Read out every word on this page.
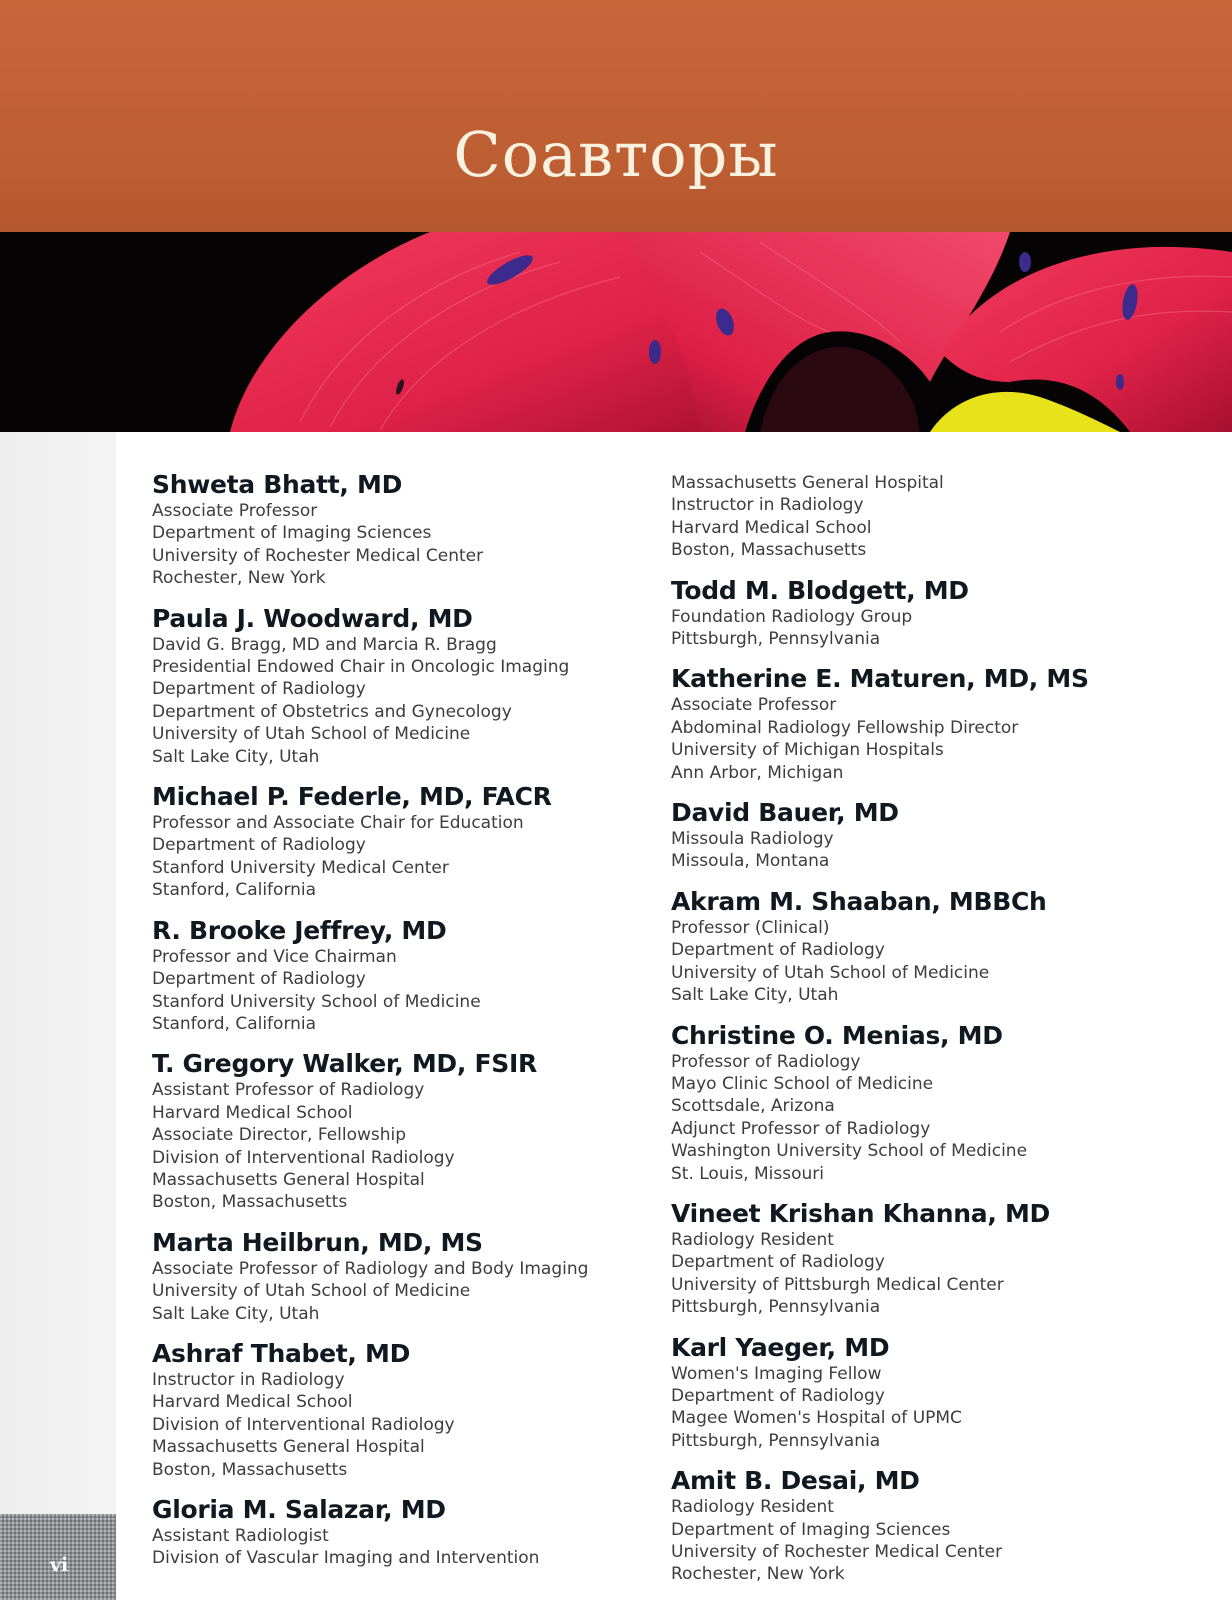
Соавторы

vi

Shweta Bhatt, MD

Associate Professor

Department of Imaging Sciences

University of Rochester Medical Center

Rochester, New York

Paula J. Woodward, MD

David G. Bragg, MD and Marcia R. Bragg

Presidential Endowed Chair in Oncologic Imaging

Department of Radiology

Department of Obstetrics and Gynecology

University of Utah School of Medicine

Salt Lake City, Utah

Michael P. Federle, MD, FACR

Professor and Associate Chair for Education

Department of Radiology

Stanford University Medical Center

Stanford, California

R. Brooke Jeffrey, MD

Professor and Vice Chairman

Department of Radiology

Stanford University School of Medicine

Stanford, California

T. Gregory Walker, MD, FSIR

Assistant Professor of Radiology

Harvard Medical School

Associate Director, Fellowship

Division of Interventional Radiology

Massachusetts General Hospital

Boston, Massachusetts

Marta Heilbrun, MD, MS

Associate Professor of Radiology and Body Imaging

University of Utah School of Medicine

Salt Lake City, Utah

Ashraf Thabet, MD

Instructor in Radiology

Harvard Medical School

Division of Interventional Radiology

Massachusetts General Hospital

Boston, Massachusetts

Gloria M. Salazar, MD

Assistant Radiologist

Division of Vascular Imaging and Intervention

Massachusetts General Hospital

Instructor in Radiology

Harvard Medical School

Boston, Massachusetts

Todd M. Blodgett, MD

Foundation Radiology Group

Pittsburgh, Pennsylvania

Katherine E. Maturen, MD, MS

Associate Professor

Abdominal Radiology Fellowship Director

University of Michigan Hospitals

Ann Arbor, Michigan

David Bauer, MD

Missoula Radiology

Missoula, Montana

Akram M. Shaaban, MBBCh

Professor (Clinical)

Department of Radiology

University of Utah School of Medicine

Salt Lake City, Utah

Christine O. Menias, MD

Professor of Radiology

Mayo Clinic School of Medicine

Scottsdale, Arizona

Adjunct Professor of Radiology

Washington University School of Medicine

St. Louis, Missouri

Vineet Krishan Khanna, MD

Radiology Resident

Department of Radiology

University of Pittsburgh Medical Center

Pittsburgh, Pennsylvania

Karl Yaeger, MD

Women's Imaging Fellow

Department of Radiology

Magee Women's Hospital of UPMC

Pittsburgh, Pennsylvania

Amit B. Desai, MD

Radiology Resident

Department of Imaging Sciences

University of Rochester Medical Center

Rochester, New York
